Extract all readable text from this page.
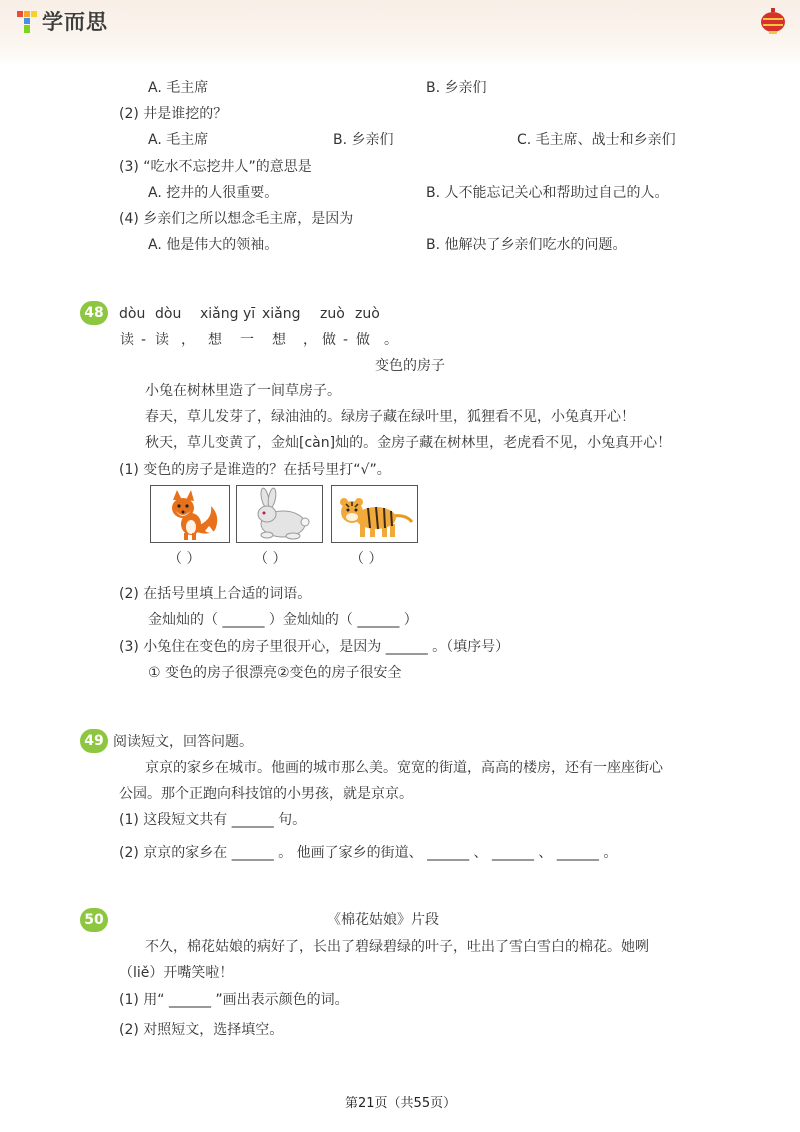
学而思
A. 毛主席	B. 乡亲们
(2) 井是谁挖的？
A. 毛主席	B. 乡亲们	C. 毛主席、战士和乡亲们
(3) “吃水不忘挖井人”的意思是
A. 挖井的人很重要。	B. 人不能忘记关心和帮助过自己的人。
(4) 乡亲们之所以想念毛主席，是因为
A. 他是伟大的领袖。	B. 他解决了乡亲们吃水的问题。
48	dòu dòu xiǎng yī xiǎng zuò zuò
读 - 读 ， 想 一 想 ， 做 - 做 。
变色的房子
小兔在树林里造了一间草房子。
春天，草儿发芽了，绿油油的。绿房子藏在绿叶里，狐狸看不见，小兔真开心！
秋天，草儿变黄了，金灿[càn]灿的。金房子藏在树林里，老虎看不见，小兔真开心！
(1) 变色的房子是谁造的？在括号里打“√”。
（ ）	（ ）	（ ）
(2) 在括号里填上合适的词语。
金灿灿的（ ______ ）金灿灿的（ ______ ）
(3) 小兔住在变色的房子里很开心，是因为 ______ 。（填序号）
① 变色的房子很漂亮②变色的房子很安全
49 阅读短文，回答问题。
京京的家乡在城市。他画的城市那么美。宽宽的街道，高高的楼房，还有一座座街心
公园。那个正跑向科技馆的小男孩，就是京京。
(1) 这段短文共有 ______ 句。
(2) 京京的家乡在 ______ 。 他画了家乡的街道、 ______ 、 ______ 、 ______ 。
50	《棉花姑娘》片段
不久，棉花姑娘的病好了，长出了碧绿碧绿的叶子，吐出了雪白雪白的棉花。她咧
（liě）开嘴笑啦！
(1) 用“ ______ ”画出表示颜色的词。
(2) 对照短文，选择填空。
第21页（共55页）
